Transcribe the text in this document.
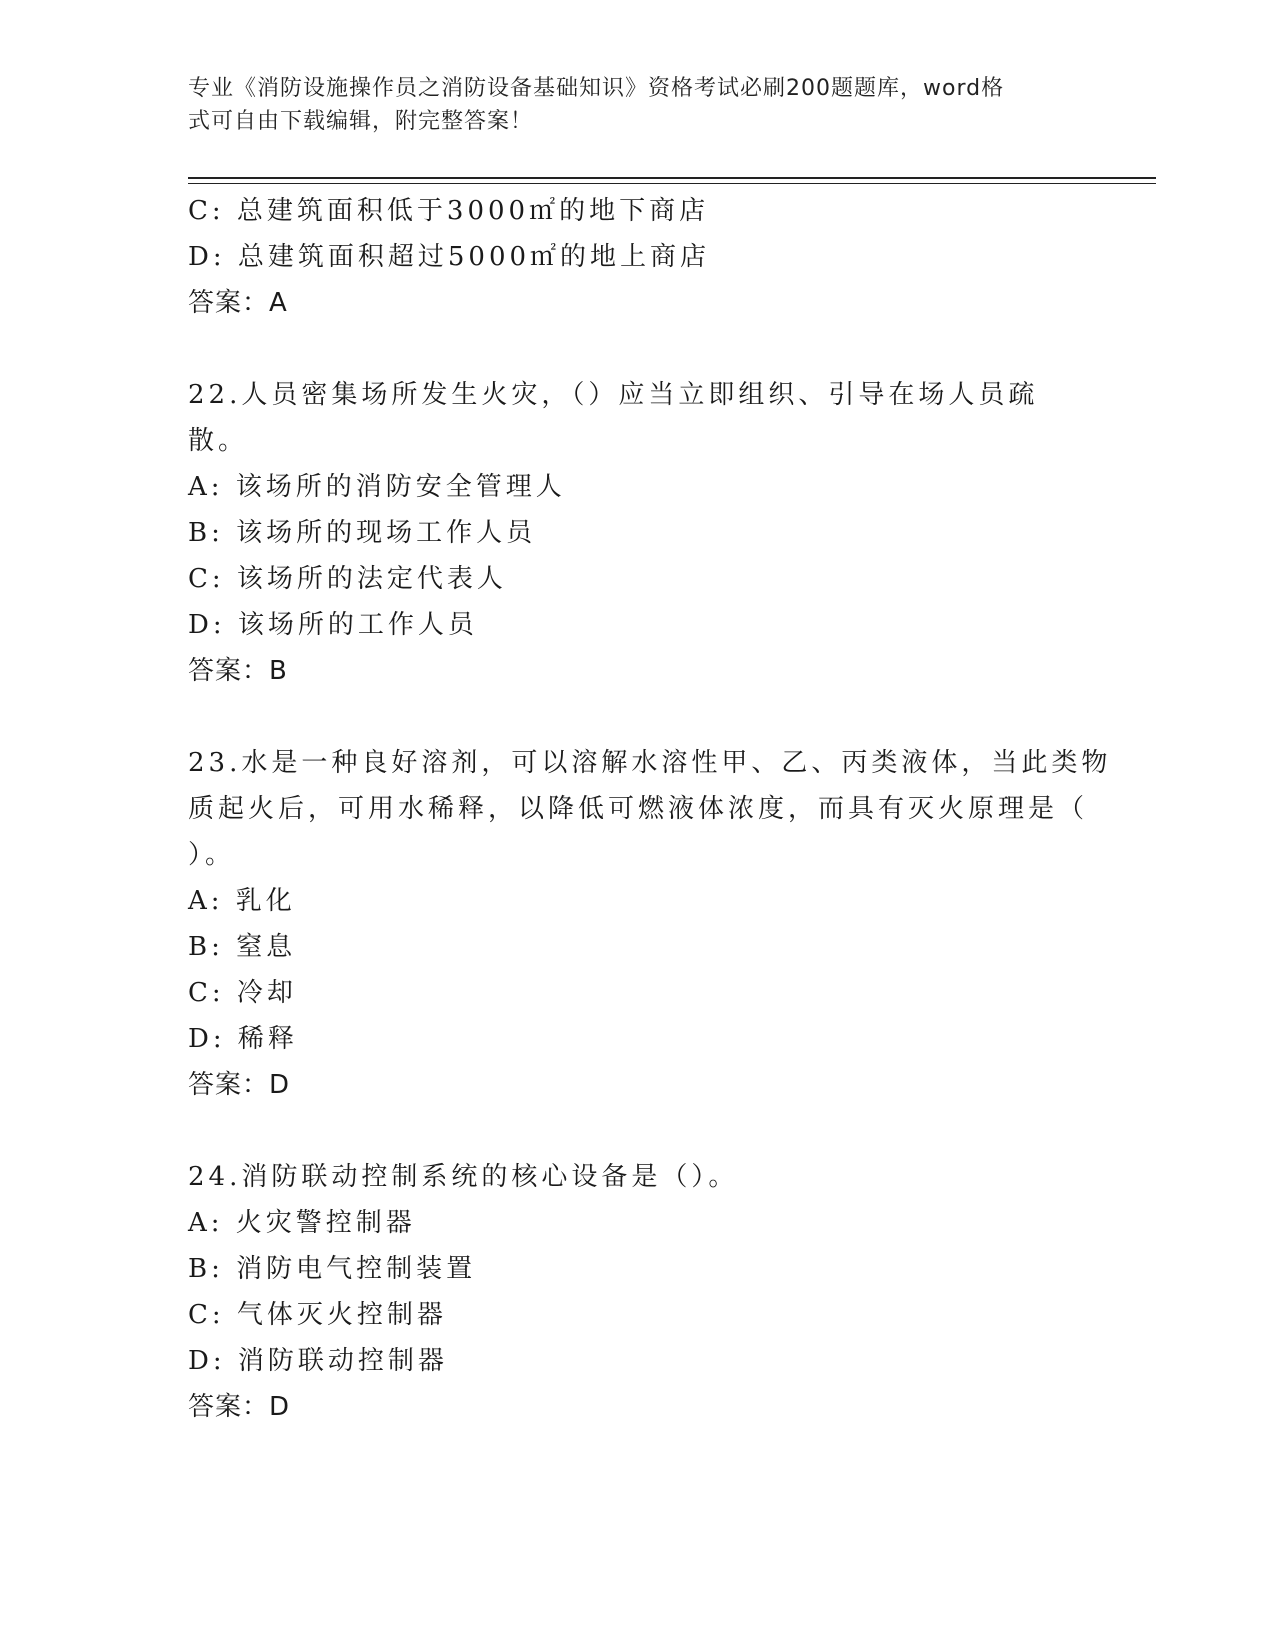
专业《消防设施操作员之消防设备基础知识》资格考试必刷200题题库，word格
式可自由下载编辑，附完整答案！
C: 总建筑面积低于3000㎡的地下商店
D: 总建筑面积超过5000㎡的地上商店
答案：A
22.人员密集场所发生火灾，（）应当立即组织、引导在场人员疏散。
A: 该场所的消防安全管理人
B: 该场所的现场工作人员
C: 该场所的法定代表人
D: 该场所的工作人员
答案：B
23.水是一种良好溶剂，可以溶解水溶性甲、乙、丙类液体，当此类物
质起火后，可用水稀释，以降低可燃液体浓度，而具有灭火原理是（
）。
A: 乳化
B: 窒息
C: 冷却
D: 稀释
答案：D
24.消防联动控制系统的核心设备是（）。
A: 火灾警控制器
B: 消防电气控制装置
C: 气体灭火控制器
D: 消防联动控制器
答案：D
